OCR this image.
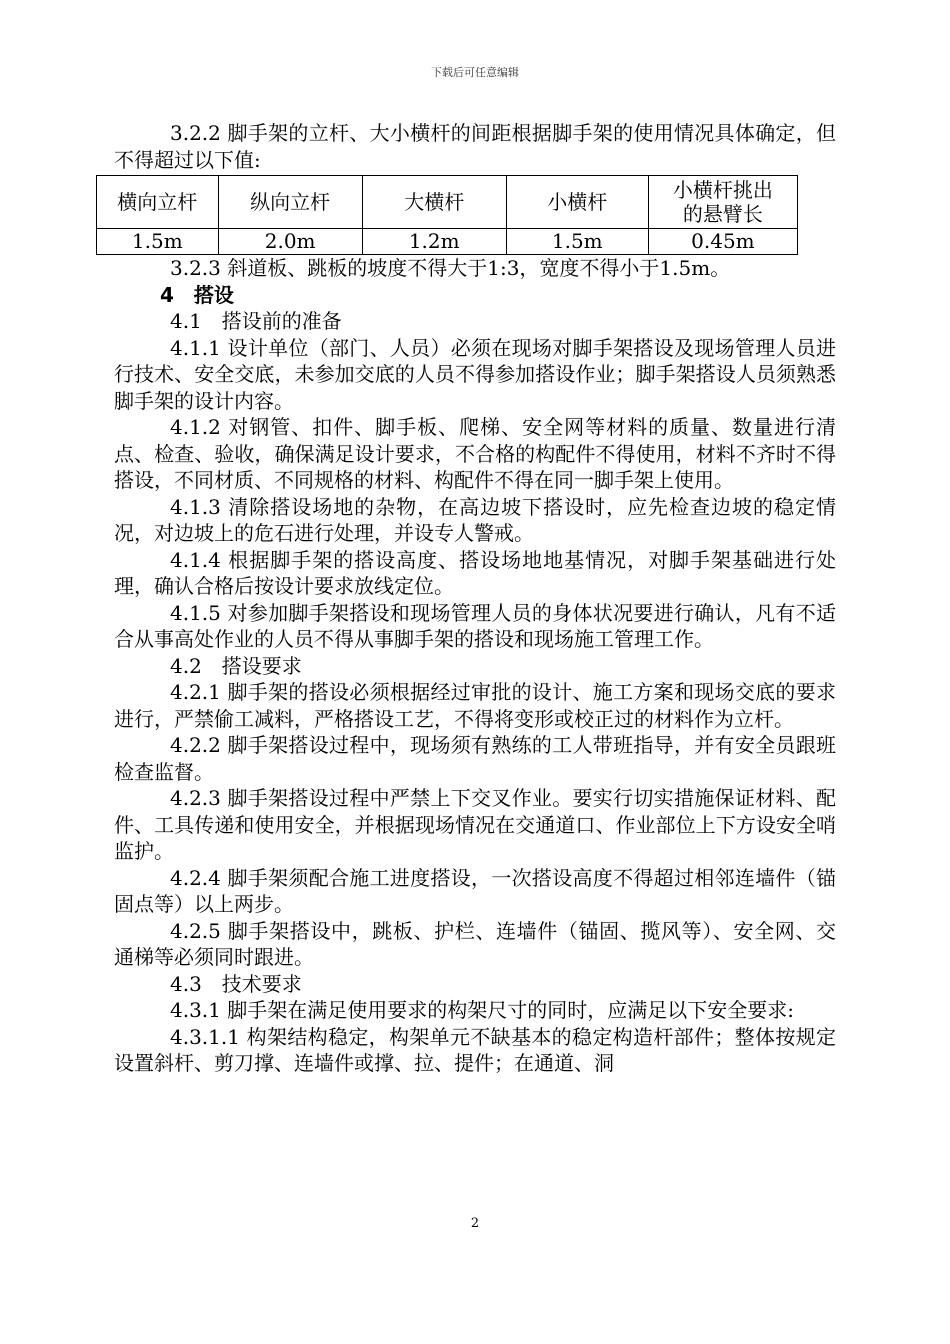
下载后可任意编辑

3.2.2 脚手架的立杆、大小横杆的间距根据脚手架的使用情况具体确定，但不得超过以下值:

横向立杆	纵向立杆	大横杆	小横杆	小横杆挑出的悬臂长
1.5m	2.0m	1.2m	1.5m	0.45m

3.2.3 斜道板、跳板的坡度不得大于1:3，宽度不得小于1.5m。

4　搭设

4.1　搭设前的准备

4.1.1 设计单位（部门、人员）必须在现场对脚手架搭设及现场管理人员进行技术、安全交底，未参加交底的人员不得参加搭设作业；脚手架搭设人员须熟悉脚手架的设计内容。

4.1.2 对钢管、扣件、脚手板、爬梯、安全网等材料的质量、数量进行清点、检查、验收，确保满足设计要求，不合格的构配件不得使用，材料不齐时不得搭设，不同材质、不同规格的材料、构配件不得在同一脚手架上使用。

4.1.3 清除搭设场地的杂物，在高边坡下搭设时，应先检查边坡的稳定情况，对边坡上的危石进行处理，并设专人警戒。

4.1.4 根据脚手架的搭设高度、搭设场地地基情况，对脚手架基础进行处理，确认合格后按设计要求放线定位。

4.1.5 对参加脚手架搭设和现场管理人员的身体状况要进行确认，凡有不适合从事高处作业的人员不得从事脚手架的搭设和现场施工管理工作。

4.2　搭设要求

4.2.1 脚手架的搭设必须根据经过审批的设计、施工方案和现场交底的要求进行，严禁偷工减料，严格搭设工艺，不得将变形或校正过的材料作为立杆。

4.2.2 脚手架搭设过程中，现场须有熟练的工人带班指导，并有安全员跟班检查监督。

4.2.3 脚手架搭设过程中严禁上下交叉作业。要实行切实措施保证材料、配件、工具传递和使用安全，并根据现场情况在交通道口、作业部位上下方设安全哨监护。

4.2.4 脚手架须配合施工进度搭设，一次搭设高度不得超过相邻连墙件（锚固点等）以上两步。

4.2.5 脚手架搭设中，跳板、护栏、连墙件（锚固、揽风等）、安全网、交通梯等必须同时跟进。

4.3　技术要求

4.3.1 脚手架在满足使用要求的构架尺寸的同时，应满足以下安全要求:

4.3.1.1 构架结构稳定，构架单元不缺基本的稳定构造杆部件；整体按规定设置斜杆、剪刀撑、连墙件或撑、拉、提件；在通道、洞

2
